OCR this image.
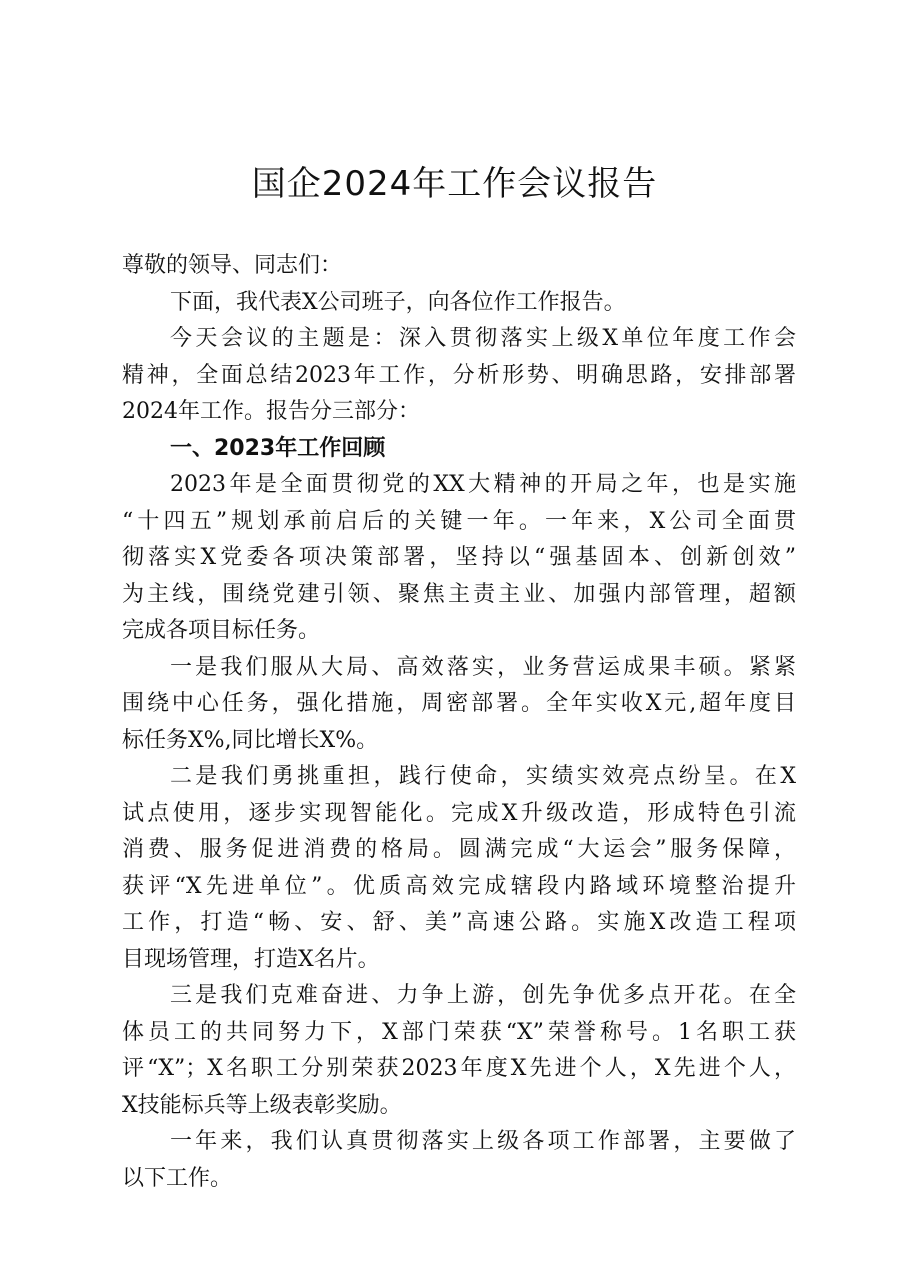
国企2024年工作会议报告
尊敬的领导、同志们：
下面，我代表X公司班子，向各位作工作报告。
今天会议的主题是：深入贯彻落实上级X单位年度工作会
精神，全面总结2023年工作，分析形势、明确思路，安排部署
2024年工作。报告分三部分：
一、2023年工作回顾
2023年是全面贯彻党的XX大精神的开局之年，也是实施
“十四五”规划承前启后的关键一年。一年来，X公司全面贯
彻落实X党委各项决策部署，坚持以“强基固本、创新创效”
为主线，围绕党建引领、聚焦主责主业、加强内部管理，超额
完成各项目标任务。
一是我们服从大局、高效落实，业务营运成果丰硕。紧紧
围绕中心任务，强化措施，周密部署。全年实收X元,超年度目
标任务X%,同比增长X%。
二是我们勇挑重担，践行使命，实绩实效亮点纷呈。在X
试点使用，逐步实现智能化。完成X升级改造，形成特色引流
消费、服务促进消费的格局。圆满完成“大运会”服务保障，
获评“X先进单位”。优质高效完成辖段内路域环境整治提升
工作，打造“畅、安、舒、美”高速公路。实施X改造工程项
目现场管理，打造X名片。
三是我们克难奋进、力争上游，创先争优多点开花。在全
体员工的共同努力下，X部门荣获“X”荣誉称号。1名职工获
评“X”；X名职工分别荣获2023年度X先进个人，X先进个人，
X技能标兵等上级表彰奖励。
一年来，我们认真贯彻落实上级各项工作部署，主要做了
以下工作。
